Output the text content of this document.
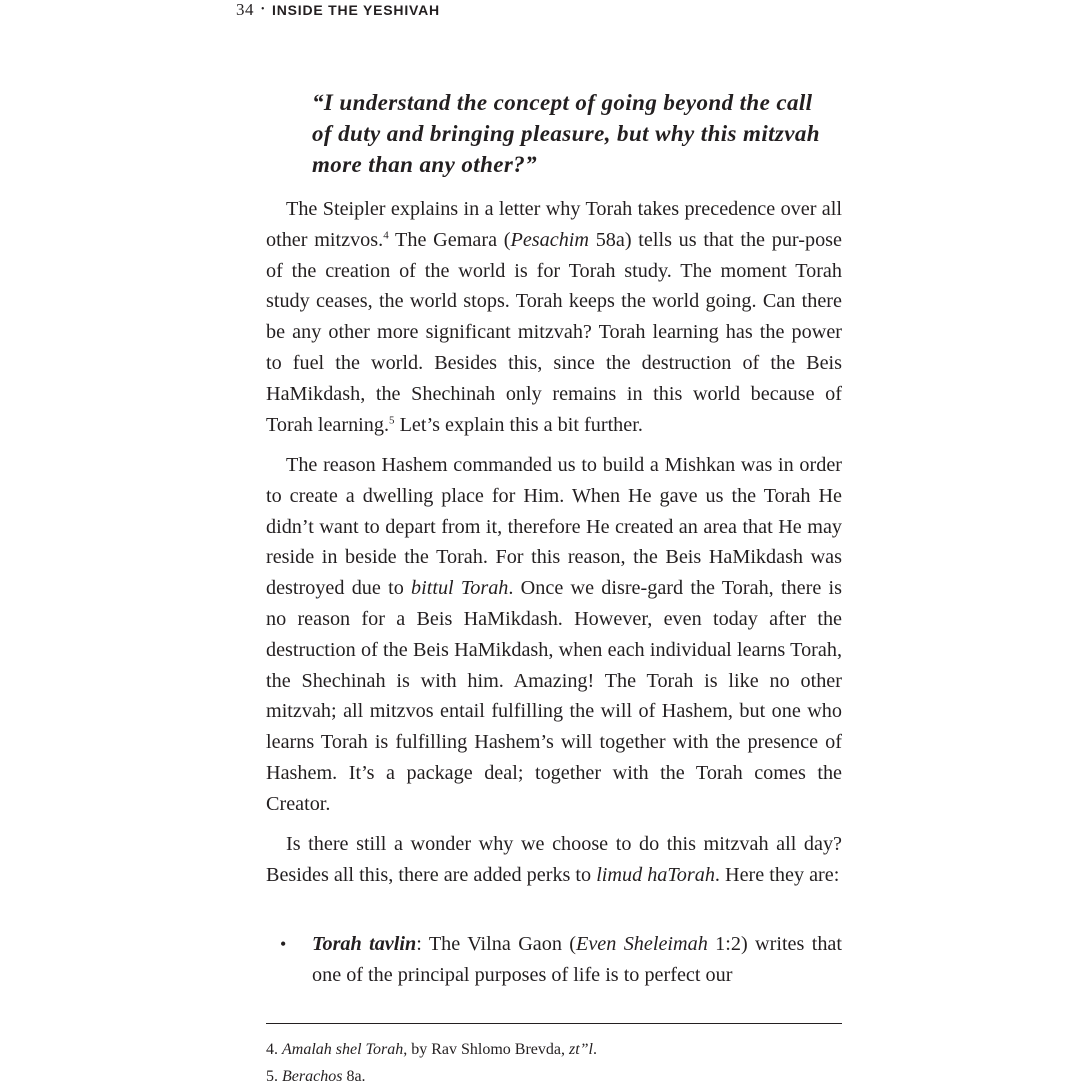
34 • INSIDE THE YESHIVAH

“I understand the concept of going beyond the call of duty and bringing pleasure, but why this mitzvah more than any other?”

The Steipler explains in a letter why Torah takes precedence over all other mitzvos.$^4$ The Gemara (Pesachim 58a) tells us that the pur-pose of the creation of the world is for Torah study. The moment Torah study ceases, the world stops. Torah keeps the world going. Can there be any other more significant mitzvah? Torah learning has the power to fuel the world. Besides this, since the destruction of the Beis HaMikdash, the Shechinah only remains in this world because of Torah learning.$^5$ Let’s explain this a bit further.

The reason Hashem commanded us to build a Mishkan was in order to create a dwelling place for Him. When He gave us the Torah He didn’t want to depart from it, therefore He created an area that He may reside in beside the Torah. For this reason, the Beis HaMikdash was destroyed due to bittul Torah. Once we disre-gard the Torah, there is no reason for a Beis HaMikdash. However, even today after the destruction of the Beis HaMikdash, when each individual learns Torah, the Shechinah is with him. Amazing! The Torah is like no other mitzvah; all mitzvos entail fulfilling the will of Hashem, but one who learns Torah is fulfilling Hashem’s will together with the presence of Hashem. It’s a package deal; together with the Torah comes the Creator.

Is there still a wonder why we choose to do this mitzvah all day? Besides all this, there are added perks to limud haTorah. Here they are:

• Torah tavlin: The Vilna Gaon (Even Sheleimah 1:2) writes that one of the principal purposes of life is to perfect our

4. Amalah shel Torah, by Rav Shlomo Brevda, zt”l.

5. Berachos 8a.
